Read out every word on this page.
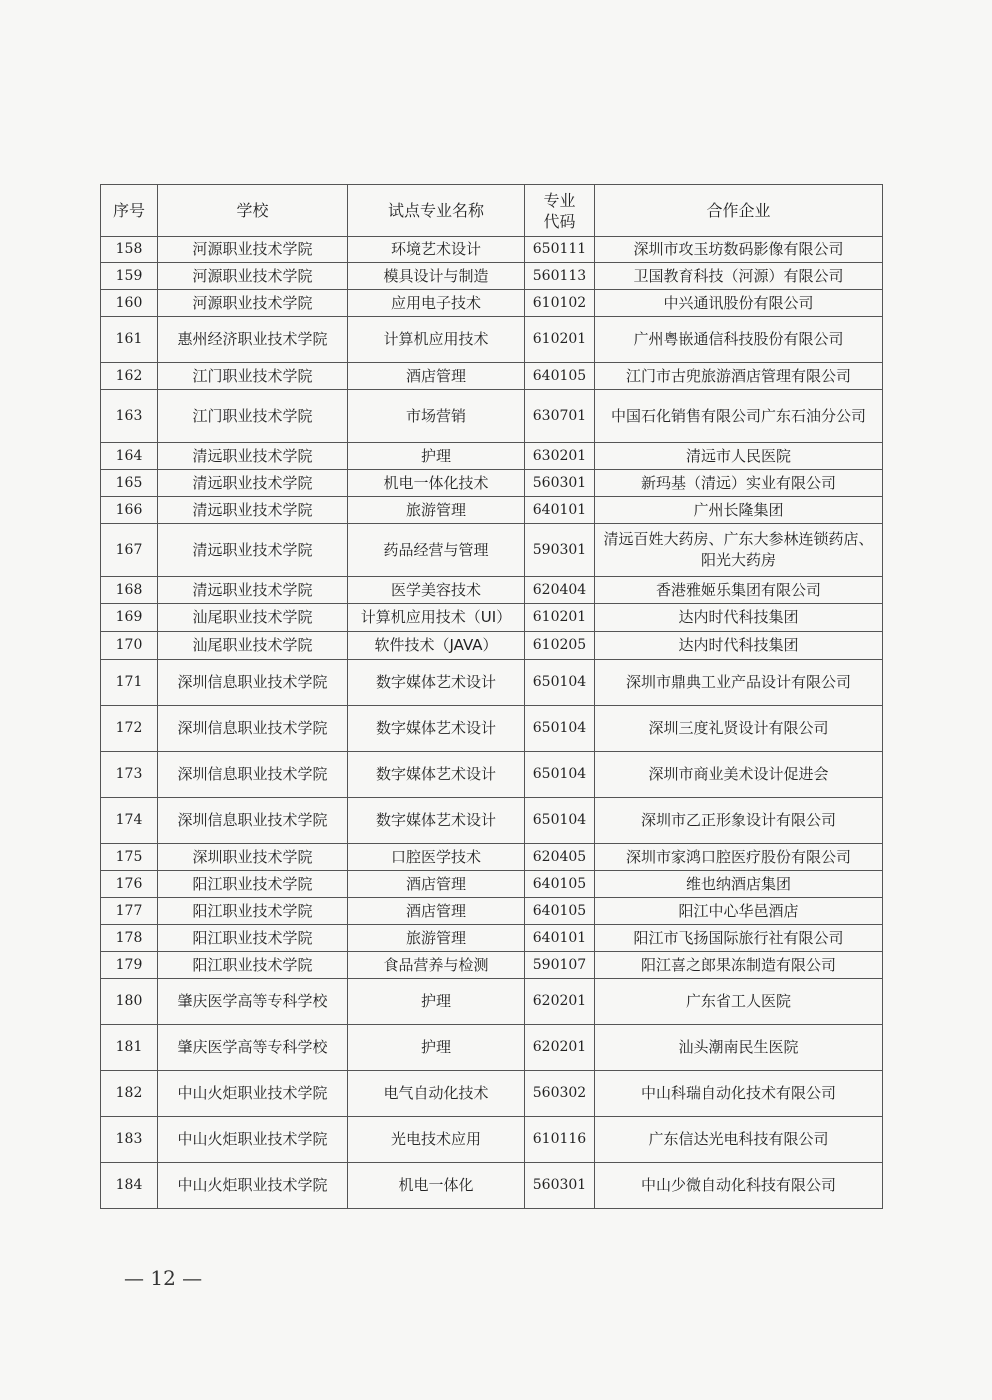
序号	学校	试点专业名称	专业代码	合作企业
158	河源职业技术学院	环境艺术设计	650111	深圳市攻玉坊数码影像有限公司
159	河源职业技术学院	模具设计与制造	560113	卫国教育科技（河源）有限公司
160	河源职业技术学院	应用电子技术	610102	中兴通讯股份有限公司
161	惠州经济职业技术学院	计算机应用技术	610201	广州粤嵌通信科技股份有限公司
162	江门职业技术学院	酒店管理	640105	江门市古兜旅游酒店管理有限公司
163	江门职业技术学院	市场营销	630701	中国石化销售有限公司广东石油分公司
164	清远职业技术学院	护理	630201	清远市人民医院
165	清远职业技术学院	机电一体化技术	560301	新玛基（清远）实业有限公司
166	清远职业技术学院	旅游管理	640101	广州长隆集团
167	清远职业技术学院	药品经营与管理	590301	清远百姓大药房、广东大参林连锁药店、阳光大药房
168	清远职业技术学院	医学美容技术	620404	香港雅姬乐集团有限公司
169	汕尾职业技术学院	计算机应用技术（UI）	610201	达内时代科技集团
170	汕尾职业技术学院	软件技术（JAVA）	610205	达内时代科技集团
171	深圳信息职业技术学院	数字媒体艺术设计	650104	深圳市鼎典工业产品设计有限公司
172	深圳信息职业技术学院	数字媒体艺术设计	650104	深圳三度礼贤设计有限公司
173	深圳信息职业技术学院	数字媒体艺术设计	650104	深圳市商业美术设计促进会
174	深圳信息职业技术学院	数字媒体艺术设计	650104	深圳市乙正形象设计有限公司
175	深圳职业技术学院	口腔医学技术	620405	深圳市家鸿口腔医疗股份有限公司
176	阳江职业技术学院	酒店管理	640105	维也纳酒店集团
177	阳江职业技术学院	酒店管理	640105	阳江中心华邑酒店
178	阳江职业技术学院	旅游管理	640101	阳江市飞扬国际旅行社有限公司
179	阳江职业技术学院	食品营养与检测	590107	阳江喜之郎果冻制造有限公司
180	肇庆医学高等专科学校	护理	620201	广东省工人医院
181	肇庆医学高等专科学校	护理	620201	汕头潮南民生医院
182	中山火炬职业技术学院	电气自动化技术	560302	中山科瑞自动化技术有限公司
183	中山火炬职业技术学院	光电技术应用	610116	广东信达光电科技有限公司
184	中山火炬职业技术学院	机电一体化	560301	中山少微自动化科技有限公司
— 12 —
